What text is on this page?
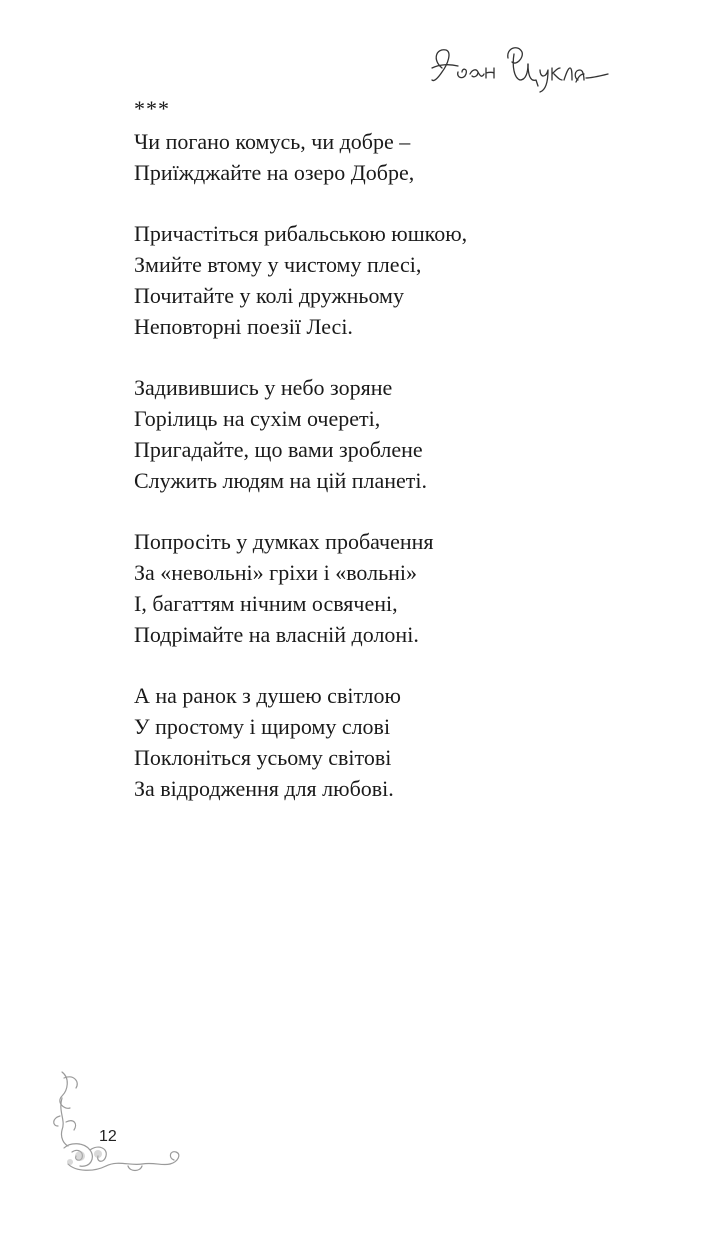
***
Чи погано комусь, чи добре –
Приїжджайте на озеро Добре,
Причастіться рибальською юшкою,
Змийте втому у чистому плесі,
Почитайте у колі дружньому
Неповторні поезії Лесі.
Задивившись у небо зоряне
Горілиць на сухім очереті,
Пригадайте, що вами зроблене
Служить людям на цій планеті.
Попросіть у думках пробачення
За «невольні» гріхи і «вольні»
І, багаттям нічним освячені,
Подрімайте на власній долоні.
А на ранок з душею світлою
У простому і щирому слові
Поклоніться усьому світові
За відродження для любові.
12
